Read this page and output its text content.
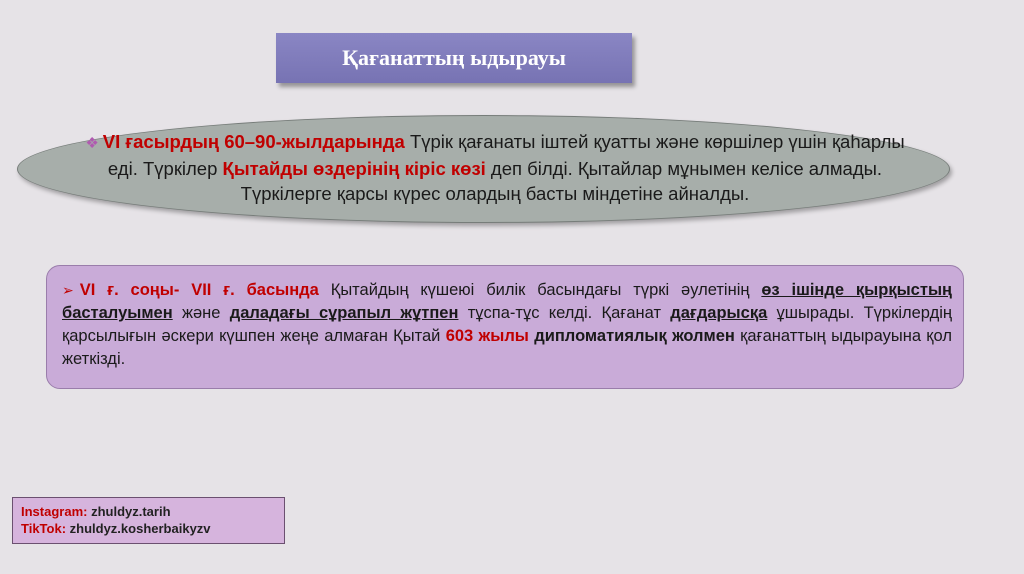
Қағанаттың ыдырауы
❖ VI ғасырдың 60–90-жылдарында Түрік қағанаты іштей қуатты және көршілер үшін қаһарлы еді. Түркілер Қытайды өздерінің кіріс көзі деп білді. Қытайлар мұнымен келісе алмады. Түркілерге қарсы күрес олардың басты міндетіне айналды.
➢ VI ғ. соңы- VII ғ. басында Қытайдың күшеюі билік басындағы түркі әулетінің өз ішінде қырқыстың басталуымен және даладағы сұрапыл жұтпен тұспа-тұс келді. Қағанат дағдарысқа ұшырады. Түркілердің қарсылығын әскери күшпен жеңе алмаған Қытай 603 жылы дипломатиялық жолмен қағанаттың ыдырауына қол жеткізді.
Instagram: zhuldyz.tarih
TikTok: zhuldyz.kosherbaikyzv
